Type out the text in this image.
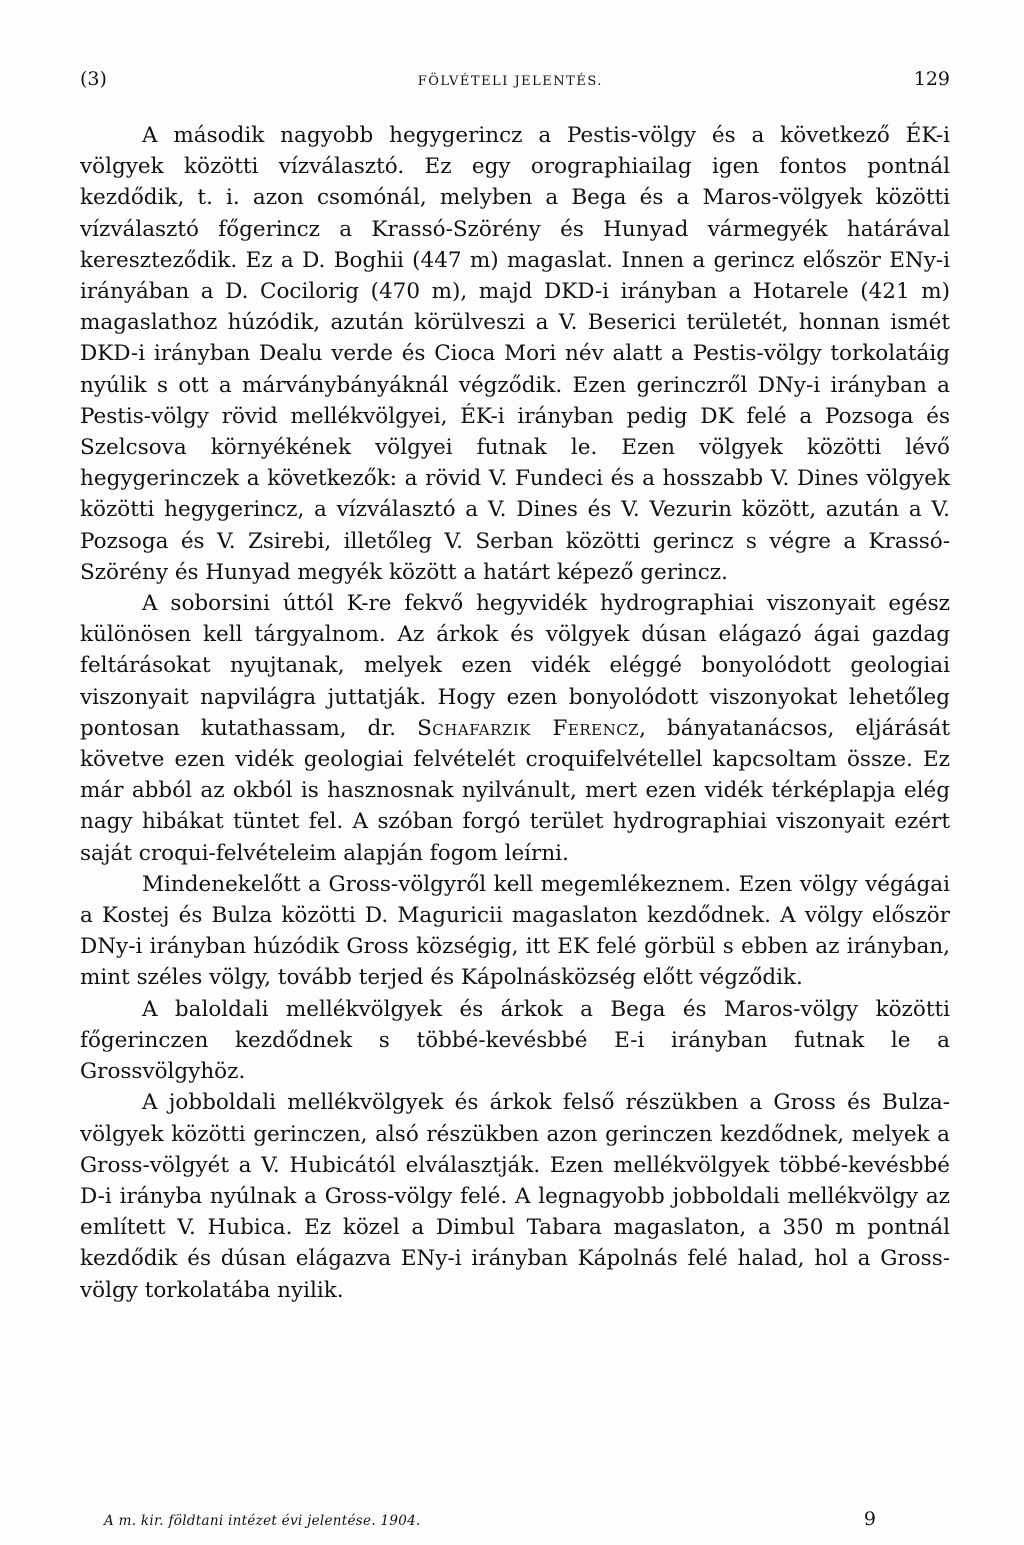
(3)	FÖLVÉTELI JELENTÉS.	129

A második nagyobb hegygerincz a Pestis-völgy és a következő ÉK-i völgyek közötti vízválasztó. Ez egy orographiailag igen fontos pontnál kezdődik, t. i. azon csomónál, melyben a Bega és a Maros-völgyek közötti vízválasztó főgerincz a Krassó-Szörény és Hunyad vármegyék határával kereszteződik. Ez a D. Boghii (447 m) magaslat. Innen a gerincz először ENy-i irányában a D. Cocilorig (470 m), majd DKD-i irányban a Hotarele (421 m) magaslathoz húzódik, azután körülveszi a V. Beserici területét, honnan ismét DKD-i irányban Dealu verde és Cioca Mori név alatt a Pestis-völgy torkolatáig nyúlik s ott a márványbányáknál végződik. Ezen gerinczről DNy-i irányban a Pestis-völgy rövid mellékvölgyei, ÉK-i irányban pedig DK felé a Pozsoga és Szelcsova környékének völgyei futnak le. Ezen völgyek közötti lévő hegygerinczek a következők: a rövid V. Fundeci és a hosszabb V. Dines völgyek közötti hegygerincz, a vízválasztó a V. Dines és V. Vezurin között, azután a V. Pozsoga és V. Zsirebi, illetőleg V. Serban közötti gerincz s végre a Krassó-Szörény és Hunyad megyék között a határt képező gerincz.

A soborsini úttól K-re fekvő hegyvidék hydrographiai viszonyait egész különösen kell tárgyalnom. Az árkok és völgyek dúsan elágazó ágai gazdag feltárásokat nyujtanak, melyek ezen vidék eléggé bonyolódott geologiai viszonyait napvilágra juttatják. Hogy ezen bonyolódott viszonyokat lehetőleg pontosan kutathassam, dr. Schafarzik Ferencz, bányatanácsos, eljárását követve ezen vidék geologiai felvételét croquifelvétellel kapcsoltam össze. Ez már abból az okból is hasznosnak nyilvánult, mert ezen vidék térképlapja elég nagy hibákat tüntet fel. A szóban forgó terület hydrographiai viszonyait ezért saját croqui-felvételeim alapján fogom leírni.

Mindenekelőtt a Gross-völgyről kell megemlékeznem. Ezen völgy végágai a Kostej és Bulza közötti D. Maguricii magaslaton kezdődnek. A völgy először DNy-i irányban húzódik Gross községig, itt EK felé görbül s ebben az irányban, mint széles völgy, tovább terjed és Kápolnásközség előtt végződik.

A baloldali mellékvölgyek és árkok a Bega és Maros-völgy közötti főgerinczen kezdődnek s többé-kevésbbé E-i irányban futnak le a Grossvölgyhöz.

A jobboldali mellékvölgyek és árkok felső részükben a Gross és Bulza-völgyek közötti gerinczen, alsó részükben azon gerinczen kezdődnek, melyek a Gross-völgyét a V. Hubicától elválasztják. Ezen mellékvölgyek többé-kevésbbé D-i irányba nyúlnak a Gross-völgy felé. A legnagyobb jobboldali mellékvölgy az említett V. Hubica. Ez közel a Dimbul Tabara magaslaton, a 350 m pontnál kezdődik és dúsan elágazva ENy-i irányban Kápolnás felé halad, hol a Gross-völgy torkolatába nyilik.

A m. kir. földtani intézet évi jelentése. 1904.	9
